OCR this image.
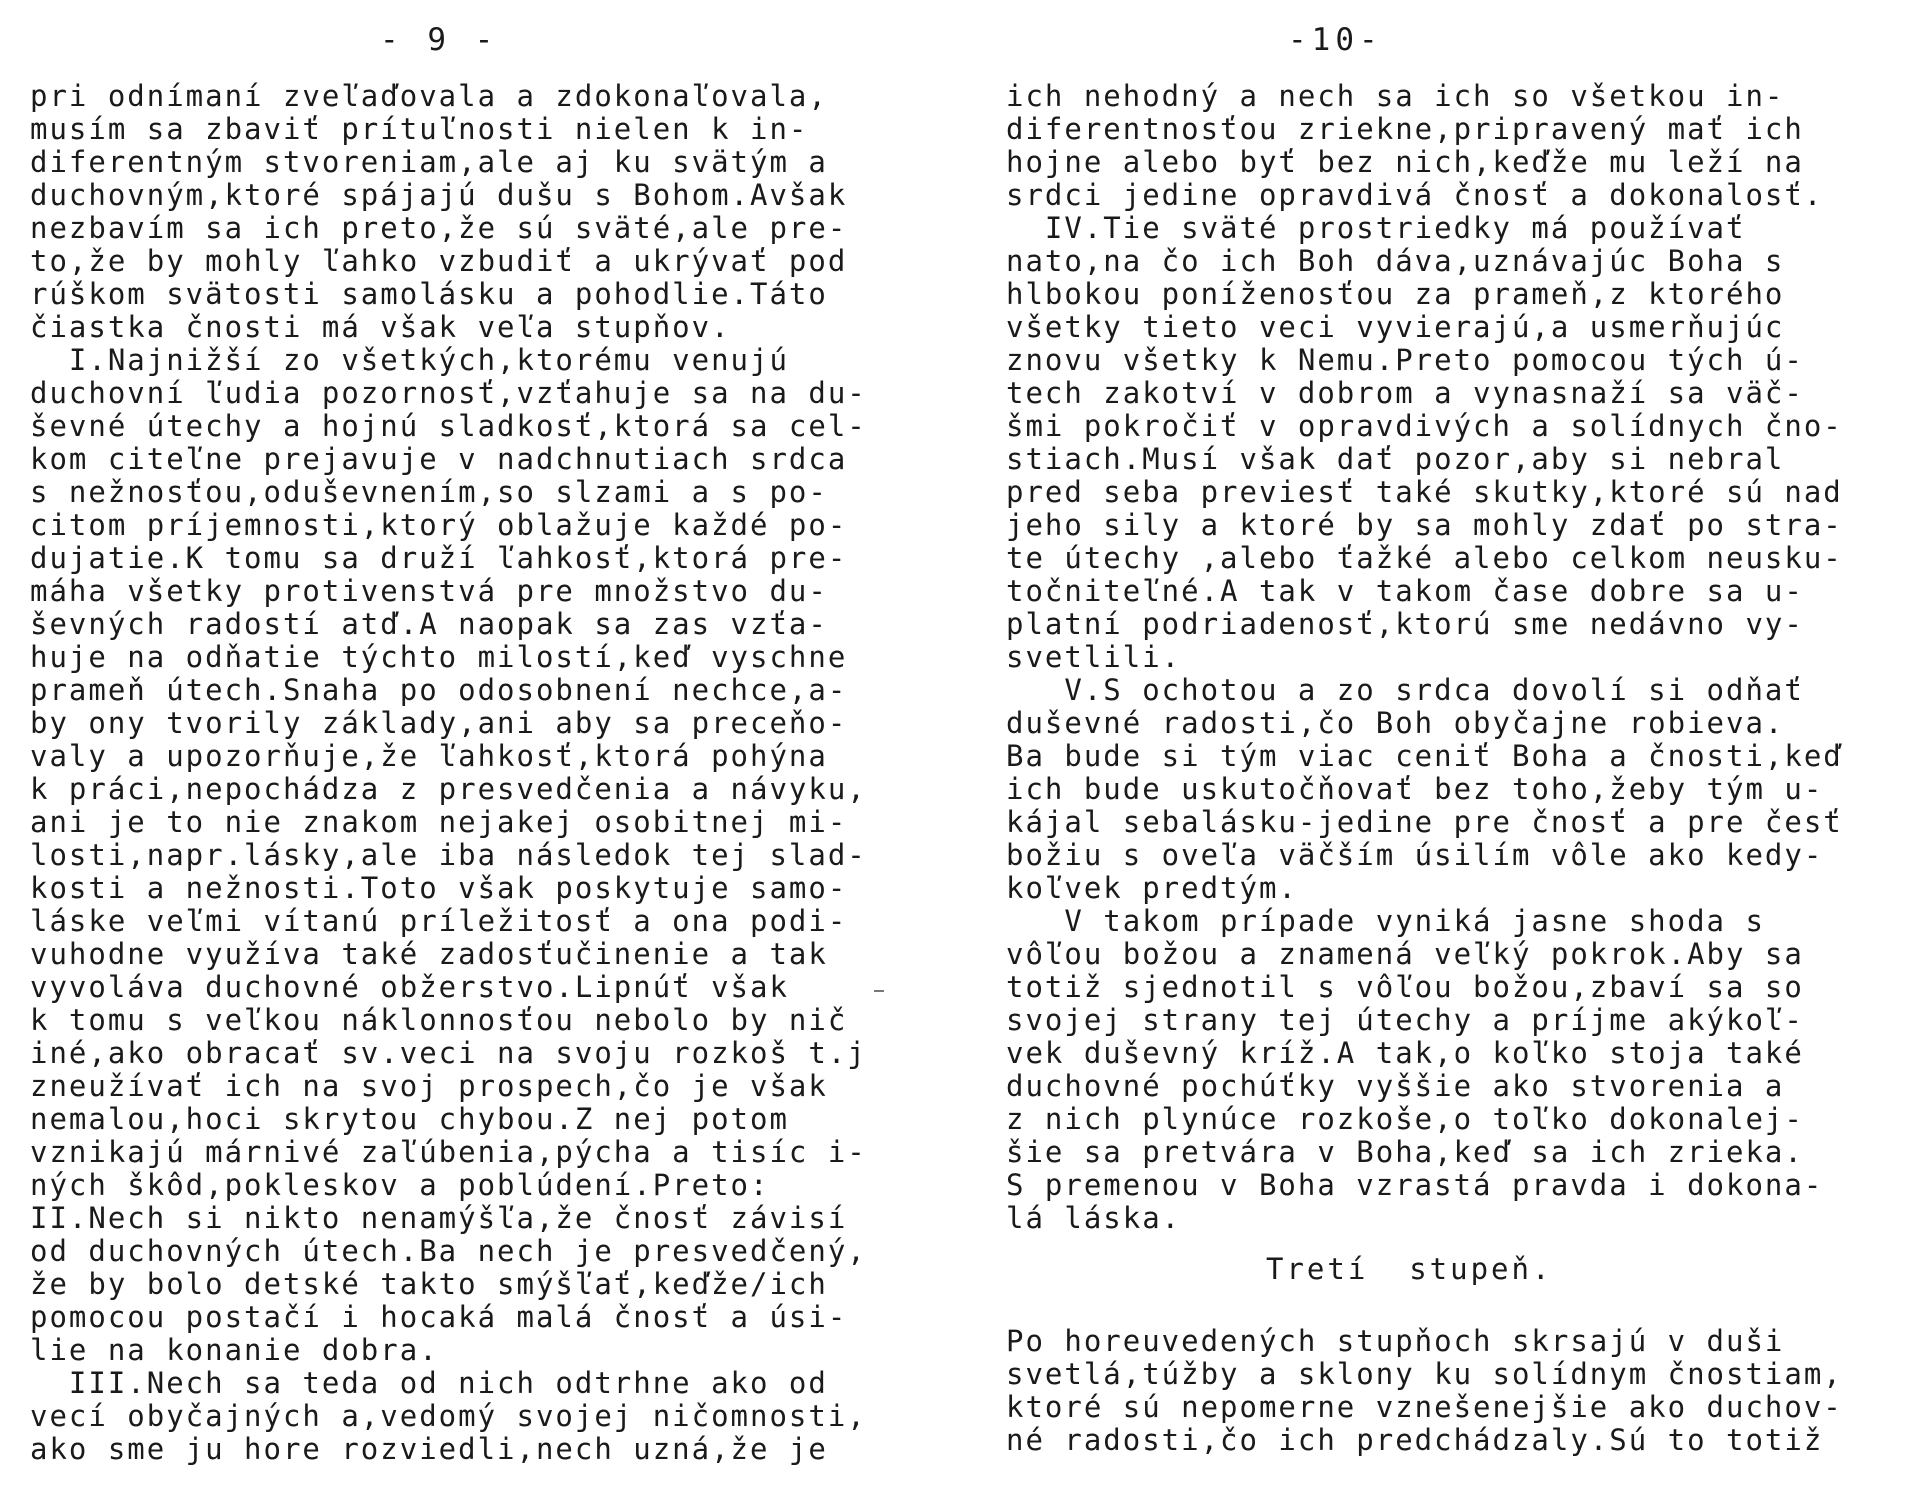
- 9 -
pri odnímaní zveľaďovala a zdokonaľovala,
musím sa zbaviť prítuľnosti nielen k in-
diferentným stvoreniam,ale aj ku svätým a
duchovným,ktoré spájajú dušu s Bohom.Avšak
nezbavím sa ich preto,že sú sväté,ale pre-
to,že by mohly ľahko vzbudiť a ukrývať pod
rúškom svätosti samolásku a pohodlie.Táto
čiastka čnosti má však veľa stupňov.
I.Najnižší zo všetkých,ktorému venujú
duchovní ľudia pozornosť,vzťahuje sa na du-
ševné útechy a hojnú sladkosť,ktorá sa cel-
kom citeľne prejavuje v nadchnutiach srdca
s nežnosťou,oduševnením,so slzami a s po-
citom príjemnosti,ktorý oblažuje každé po-
dujatie.K tomu sa druží ľahkosť,ktorá pre-
máha všetky protivenstvá pre množstvo du-
ševných radostí atď.A naopak sa zas vzťa-
huje na odňatie týchto milostí,keď vyschne
prameň útech.Snaha po odosobnení nechce,a-
by ony tvorily základy,ani aby sa preceňo-
valy a upozorňuje,že ľahkosť,ktorá pohýna
k práci,nepochádza z presvedčenia a návyku,
ani je to nie znakom nejakej osobitnej mi-
losti,napr.lásky,ale iba následok tej slad-
kosti a nežnosti.Toto však poskytuje samo-
láske veľmi vítanú príležitosť a ona podi-
vuhodne využíva také zadosťučinenie a tak
vyvoláva duchovné obžerstvo.Lipnúť však
k tomu s veľkou náklonnosťou nebolo by nič
iné,ako obracať sv.veci na svoju rozkoš t.j
zneužívať ich na svoj prospech,čo je však
nemalou,hoci skrytou chybou.Z nej potom
vznikajú márnivé zaľúbenia,pýcha a tisíc i-
ných škôd,pokleskov a poblúdení.Preto:
II.Nech si nikto nenamýšľa,že čnosť závisí
od duchovných útech.Ba nech je presvedčený,
že by bolo detské takto smýšľať,keďže/ich
pomocou postačí i hocaká malá čnosť a úsi-
lie na konanie dobra.
III.Nech sa teda od nich odtrhne ako od
vecí obyčajných a,vedomý svojej ničomnosti,
ako sme ju hore rozviedli,nech uzná,že je
-10-
ich nehodný a nech sa ich so všetkou in-
diferentnosťou zriekne,pripravený mať ich
hojne alebo byť bez nich,keďže mu leží na
srdci jedine opravdivá čnosť a dokonalosť.
IV.Tie sväté prostriedky má používať
nato,na čo ich Boh dáva,uznávajúc Boha s
hlbokou poníženosťou za prameň,z ktorého
všetky tieto veci vyvierajú,a usmerňujúc
znovu všetky k Nemu.Preto pomocou tých ú-
tech zakotví v dobrom a vynasnaží sa väč-
šmi pokročiť v opravdivých a solídnych čno-
stiach.Musí však dať pozor,aby si nebral
pred seba previesť také skutky,ktoré sú nad
jeho sily a ktoré by sa mohly zdať po stra-
te útechy ,alebo ťažké alebo celkom neusku-
točniteľné.A tak v takom čase dobre sa u-
platní podriadenosť,ktorú sme nedávno vy-
svetlili.
V.S ochotou a zo srdca dovolí si odňať
duševné radosti,čo Boh obyčajne robieva.
Ba bude si tým viac ceniť Boha a čnosti,keď
ich bude uskutočňovať bez toho,žeby tým u-
kájal sebalásku-jedine pre čnosť a pre česť
božiu s oveľa väčším úsilím vôle ako kedy-
koľvek predtým.
V takom prípade vyniká jasne shoda s
vôľou božou a znamená veľký pokrok.Aby sa
totiž sjednotil s vôľou božou,zbaví sa so
svojej strany tej útechy a príjme akýkoľ-
vek duševný kríž.A tak,o koľko stoja také
duchovné pochúťky vyššie ako stvorenia a
z nich plynúce rozkoše,o toľko dokonalej-
šie sa pretvára v Boha,keď sa ich zrieka.
S premenou v Boha vzrastá pravda i dokona-
lá láska.
Tretí  stupeň.
Po horeuvedených stupňoch skrsajú v duši
svetlá,túžby a sklony ku solídnym čnostiam,
ktoré sú nepomerne vznešenejšie ako duchov-
né radosti,čo ich predchádzaly.Sú to totiž
